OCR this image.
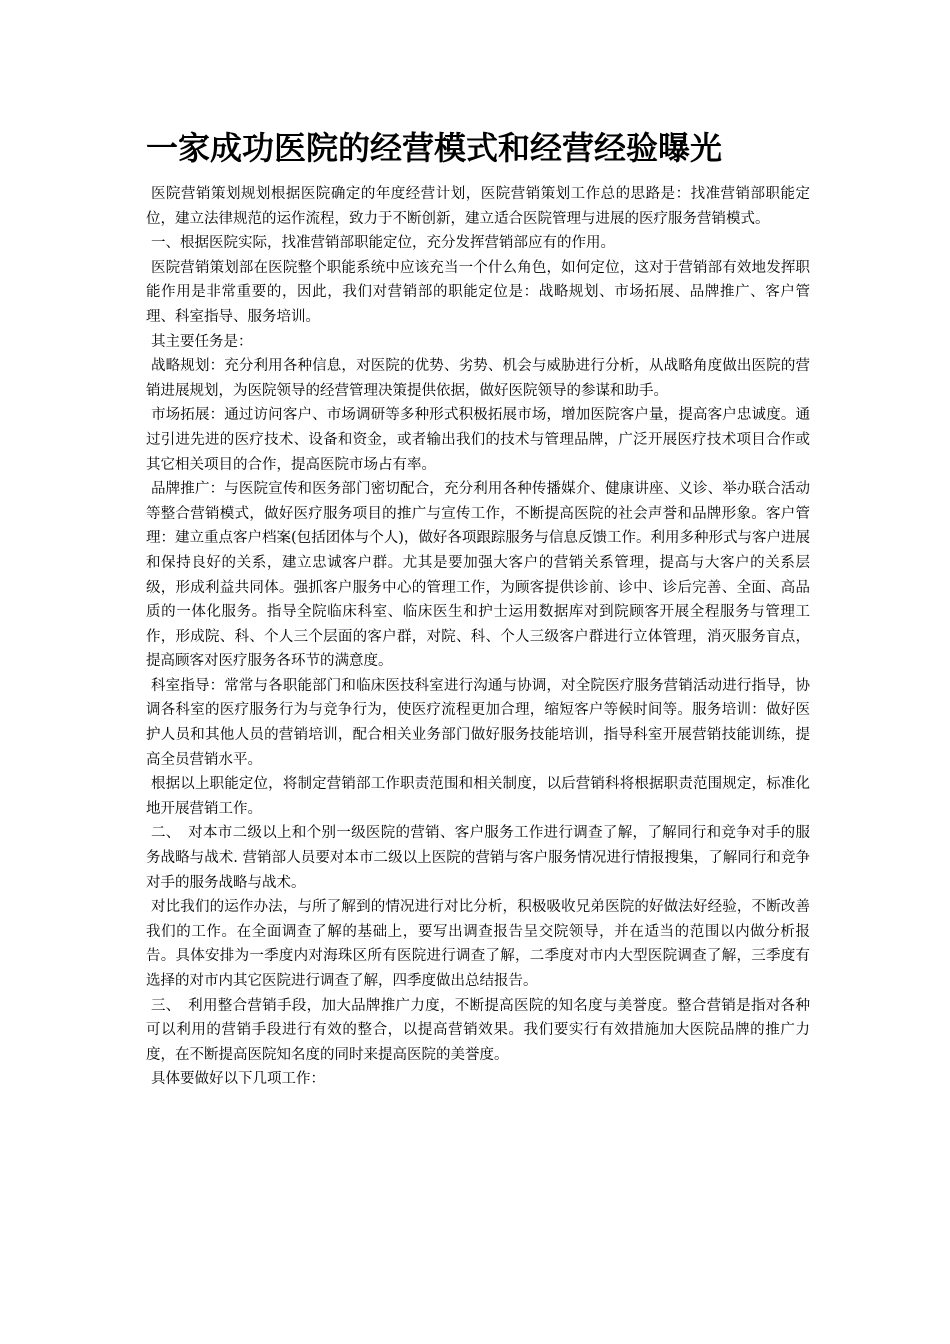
一家成功医院的经营模式和经营经验曝光

医院营销策划规划根据医院确定的年度经营计划，医院营销策划工作总的思路是：找准营销部职能定位，建立法律规范的运作流程，致力于不断创新，建立适合医院管理与进展的医疗服务营销模式。

一、根据医院实际，找准营销部职能定位，充分发挥营销部应有的作用。

医院营销策划部在医院整个职能系统中应该充当一个什么角色，如何定位，这对于营销部有效地发挥职能作用是非常重要的，因此，我们对营销部的职能定位是：战略规划、市场拓展、品牌推广、客户管理、科室指导、服务培训。

其主要任务是：

战略规划：充分利用各种信息，对医院的优势、劣势、机会与威胁进行分析，从战略角度做出医院的营销进展规划，为医院领导的经营管理决策提供依据，做好医院领导的参谋和助手。

市场拓展：通过访问客户、市场调研等多种形式积极拓展市场，增加医院客户量，提高客户忠诚度。通过引进先进的医疗技术、设备和资金，或者输出我们的技术与管理品牌，广泛开展医疗技术项目合作或其它相关项目的合作，提高医院市场占有率。

品牌推广：与医院宣传和医务部门密切配合，充分利用各种传播媒介、健康讲座、义诊、举办联合活动等整合营销模式，做好医疗服务项目的推广与宣传工作，不断提高医院的社会声誉和品牌形象。客户管理：建立重点客户档案(包括团体与个人)，做好各项跟踪服务与信息反馈工作。利用多种形式与客户进展和保持良好的关系，建立忠诚客户群。尤其是要加强大客户的营销关系管理，提高与大客户的关系层级，形成利益共同体。强抓客户服务中心的管理工作，为顾客提供诊前、诊中、诊后完善、全面、高品质的一体化服务。指导全院临床科室、临床医生和护士运用数据库对到院顾客开展全程服务与管理工作，形成院、科、个人三个层面的客户群，对院、科、个人三级客户群进行立体管理，消灭服务盲点，提高顾客对医疗服务各环节的满意度。

科室指导：常常与各职能部门和临床医技科室进行沟通与协调，对全院医疗服务营销活动进行指导，协调各科室的医疗服务行为与竞争行为，使医疗流程更加合理，缩短客户等候时间等。服务培训：做好医护人员和其他人员的营销培训，配合相关业务部门做好服务技能培训，指导科室开展营销技能训练，提高全员营销水平。

根据以上职能定位，将制定营销部工作职责范围和相关制度，以后营销科将根据职责范围规定，标准化地开展营销工作。

二、　对本市二级以上和个别一级医院的营销、客户服务工作进行调查了解，了解同行和竞争对手的服务战略与战术. 营销部人员要对本市二级以上医院的营销与客户服务情况进行情报搜集，了解同行和竞争对手的服务战略与战术。

对比我们的运作办法，与所了解到的情况进行对比分析，积极吸收兄弟医院的好做法好经验，不断改善我们的工作。在全面调查了解的基础上，要写出调查报告呈交院领导，并在适当的范围以内做分析报告。具体安排为一季度内对海珠区所有医院进行调查了解，二季度对市内大型医院调查了解，三季度有选择的对市内其它医院进行调查了解，四季度做出总结报告。

三、　利用整合营销手段，加大品牌推广力度，不断提高医院的知名度与美誉度。整合营销是指对各种可以利用的营销手段进行有效的整合，以提高营销效果。我们要实行有效措施加大医院品牌的推广力度，在不断提高医院知名度的同时来提高医院的美誉度。

具体要做好以下几项工作：
